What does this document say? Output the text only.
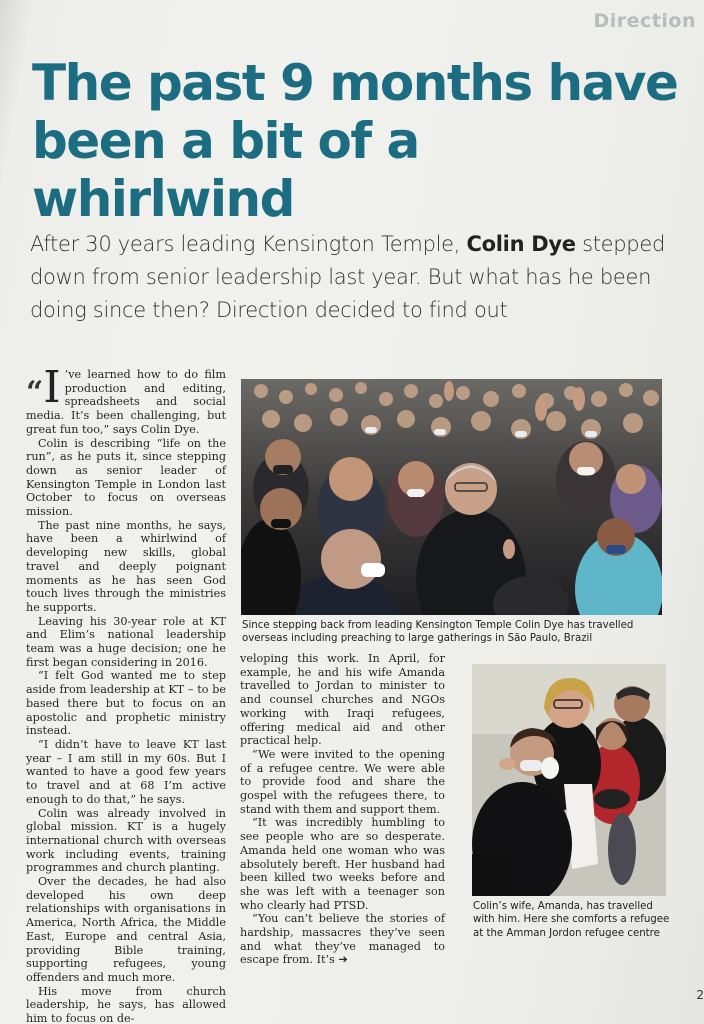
Direction
The past 9 months have
been a bit of a whirlwind
After 30 years leading Kensington Temple, Colin Dye stepped down from senior leadership last year. But what has he been doing since then? Direction decided to find out

“I ’ve learned how to do film production and editing, spreadsheets and social media. It’s been challenging, but great fun too,” says Colin Dye.

Colin is describing “life on the run”, as he puts it, since stepping down as senior leader of Kensington Temple in London last October to focus on overseas mission.

The past nine months, he says, have been a whirlwind of developing new skills, global travel and deeply poignant moments as he has seen God touch lives through the ministries he supports.

Leaving his 30-year role at KT and Elim’s national leadership team was a huge decision; one he first began considering in 2016.

“I felt God wanted me to step aside from leadership at KT – to be based there but to focus on an apostolic and prophetic ministry instead.

“I didn’t have to leave KT last year – I am still in my 60s. But I wanted to have a good few years to travel and at 68 I’m active enough to do that,” he says.

Colin was already involved in global mission. KT is a hugely international church with overseas work including events, training programmes and church planting.

Over the decades, he had also developed his own deep relationships with organisations in America, North Africa, the Middle East, Europe and central Asia, providing Bible training, supporting refugees, young offenders and much more.

His move from church leadership, he says, has allowed him to focus on de-

veloping this work. In April, for example, he and his wife Amanda travelled to Jordan to minister to and counsel churches and NGOs working with Iraqi refugees, offering medical aid and other practical help.

“We were invited to the opening of a refugee centre. We were able to provide food and share the gospel with the refugees there, to stand with them and support them.

“It was incredibly humbling to see people who are so desperate. Amanda held one woman who was absolutely bereft. Her husband had been killed two weeks before and she was left with a teenager son who clearly had PTSD.

“You can’t believe the stories of hardship, massacres they’ve seen and what they’ve managed to escape from. It’s ➔

Since stepping back from leading Kensington Temple Colin Dye has travelled overseas including preaching to large gatherings in São Paulo, Brazil
Colin’s wife, Amanda, has travelled with him. Here she comforts a refugee at the Amman Jordon refugee centre
2
